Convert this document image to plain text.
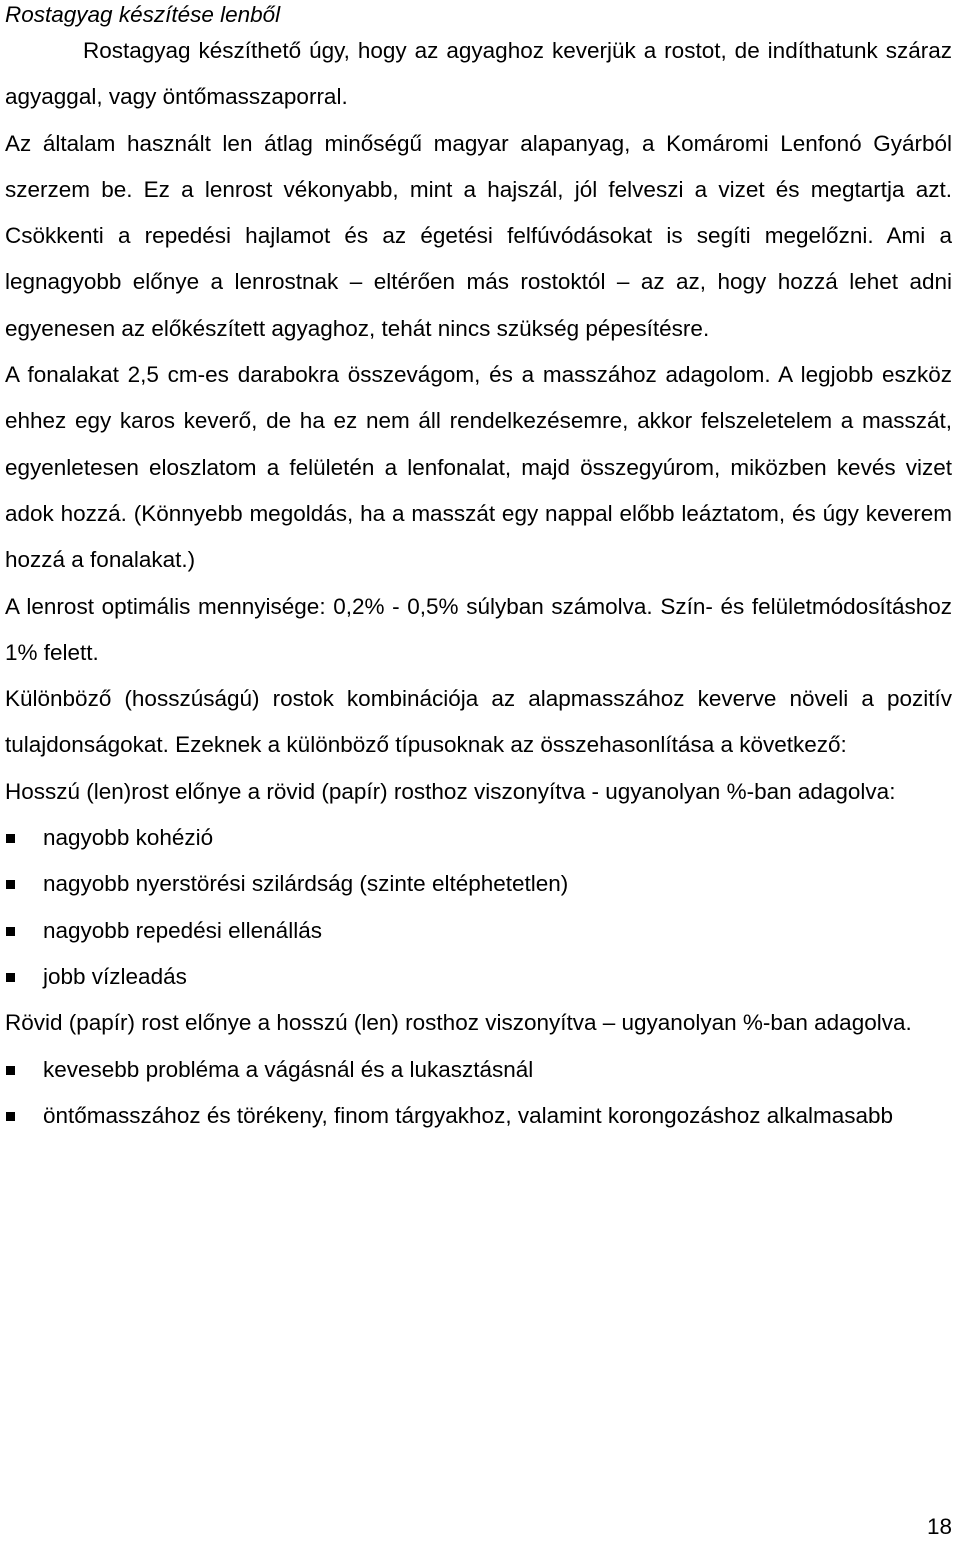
Rostagyag készítése lenből

Rostagyag készíthető úgy, hogy az agyaghoz keverjük a rostot, de indíthatunk száraz agyaggal, vagy öntőmasszaporral.

Az általam használt len átlag minőségű magyar alapanyag, a Komáromi Lenfonó Gyárból szerzem be. Ez a lenrost vékonyabb, mint a hajszál, jól felveszi a vizet és megtartja azt. Csökkenti a repedési hajlamot és az égetési felfúvódásokat is segíti megelőzni. Ami a legnagyobb előnye a lenrostnak – eltérően más rostoktól – az az, hogy hozzá lehet adni egyenesen az előkészített agyaghoz, tehát nincs szükség pépesítésre.

A fonalakat 2,5 cm-es darabokra összevágom, és a masszához adagolom. A legjobb eszköz ehhez egy karos keverő, de ha ez nem áll rendelkezésemre, akkor felszeletelem a masszát, egyenletesen eloszlatom a felületén a lenfonalat, majd összegyúrom, miközben kevés vizet adok hozzá. (Könnyebb megoldás, ha a masszát egy nappal előbb leáztatom, és úgy keverem hozzá a fonalakat.)

A lenrost optimális mennyisége: 0,2% - 0,5% súlyban számolva. Szín- és felületmódosításhoz 1% felett.

Különböző (hosszúságú) rostok kombinációja az alapmasszához keverve növeli a pozitív tulajdonságokat. Ezeknek a különböző típusoknak az összehasonlítása a következő:

Hosszú (len)rost előnye a rövid (papír) rosthoz viszonyítva - ugyanolyan %-ban adagolva:

nagyobb kohézió
nagyobb nyerstörési szilárdság (szinte eltéphetetlen)
nagyobb repedési ellenállás
jobb vízleadás

Rövid (papír) rost előnye a hosszú (len) rosthoz viszonyítva – ugyanolyan %-ban adagolva.

kevesebb probléma a vágásnál és a lukasztásnál
öntőmasszához és törékeny, finom tárgyakhoz, valamint korongozáshoz alkalmasabb
18
